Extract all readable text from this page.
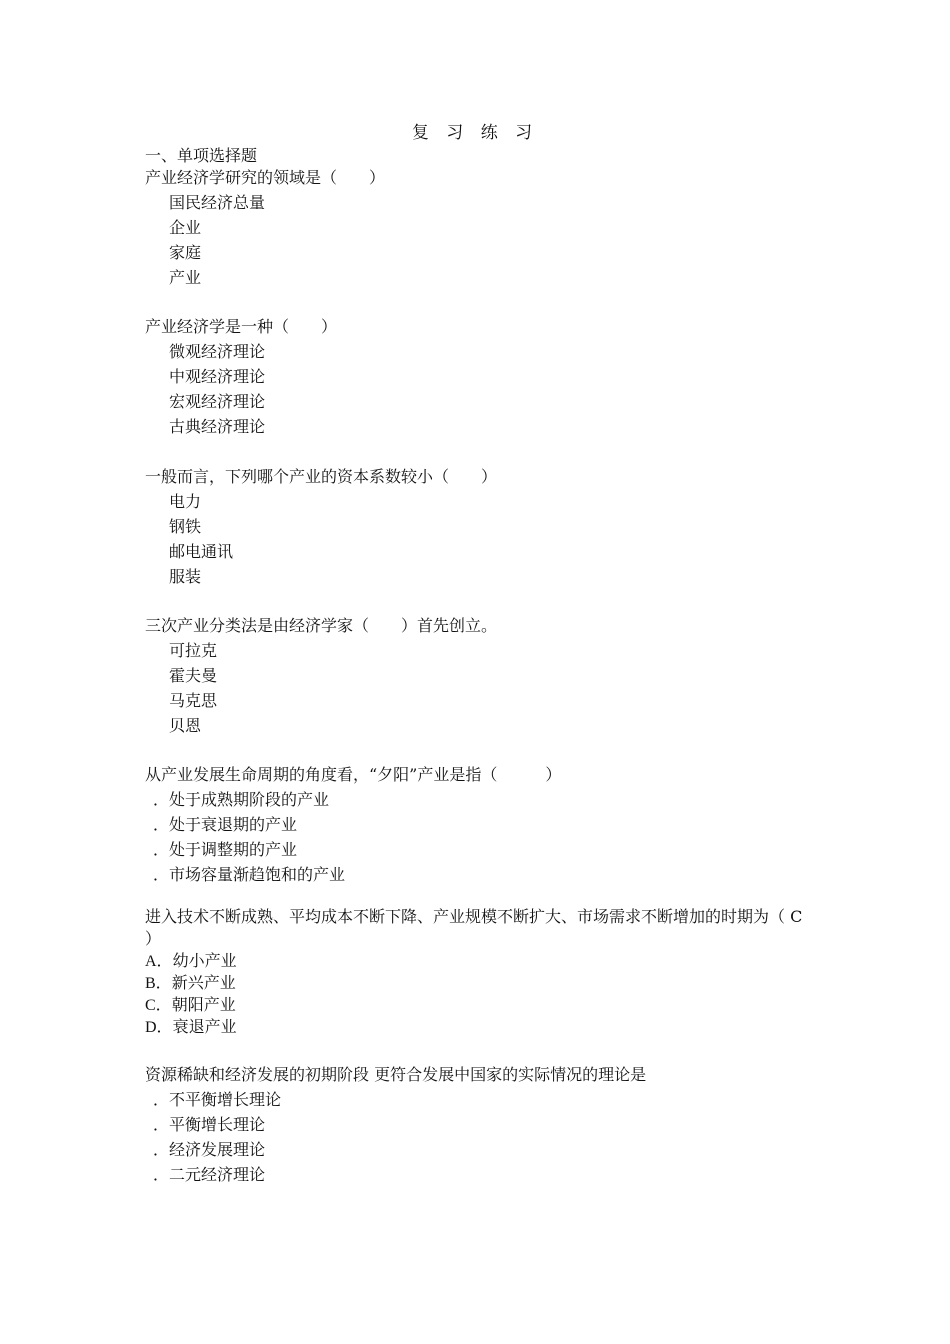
复 习 练 习
一、单项选择题
产业经济学研究的领域是（　　）
国民经济总量
企业
家庭
产业
产业经济学是一种（　　）
微观经济理论
中观经济理论
宏观经济理论
古典经济理论
一般而言，下列哪个产业的资本系数较小（　　）
电力
钢铁
邮电通讯
服装
三次产业分类法是由经济学家（　　）首先创立。
可拉克
霍夫曼
马克思
贝恩
从产业发展生命周期的角度看，“夕阳”产业是指（　　　）
．处于成熟期阶段的产业
．处于衰退期的产业
．处于调整期的产业
．市场容量渐趋饱和的产业
进入技术不断成熟、平均成本不断下降、产业规模不断扩大、市场需求不断增加的时期为（ C ）
A．幼小产业
B．新兴产业
C．朝阳产业
D．衰退产业
资源稀缺和经济发展的初期阶段 更符合发展中国家的实际情况的理论是
．不平衡增长理论
．平衡增长理论
．经济发展理论
．二元经济理论
